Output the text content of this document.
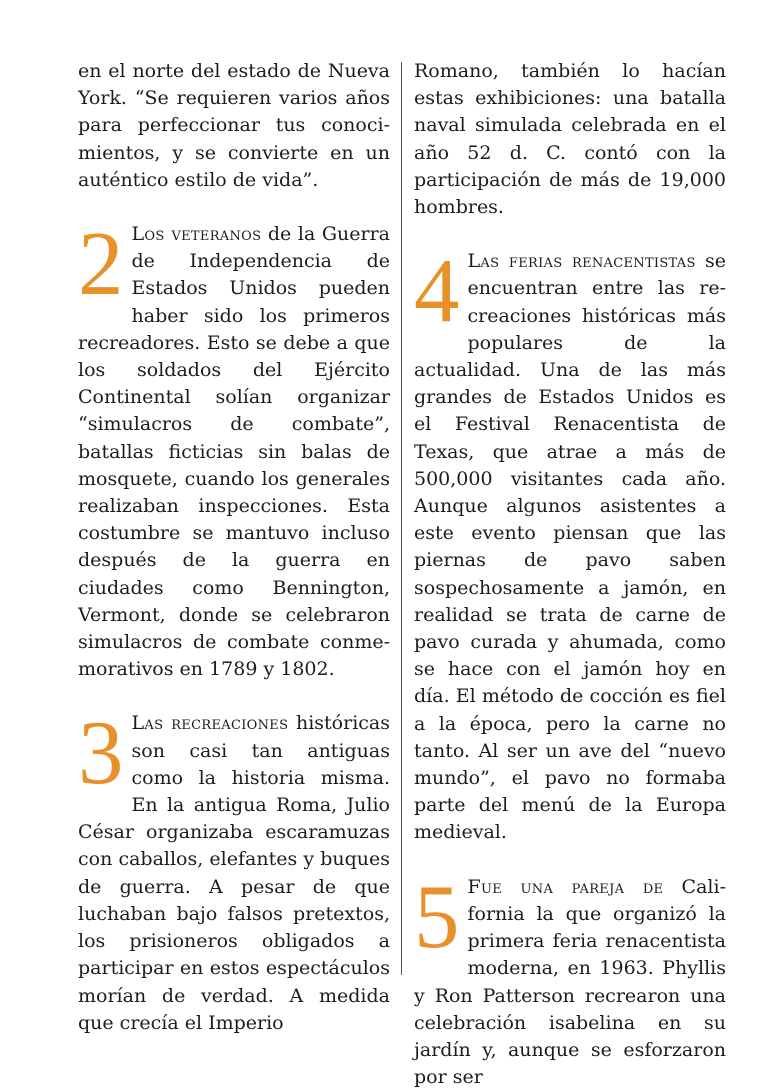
en el norte del estado de Nueva York. “Se requieren varios años para perfeccionar tus conocimientos, y se convierte en un auténtico estilo de vida”.

2 Los veteranos de la Guerra de Independencia de Estados Unidos pueden haber sido los primeros recreadores. Esto se debe a que los soldados del Ejército Continental solían organizar “simulacros de combate”, batallas ficticias sin balas de mosquete, cuando los generales realizaban inspecciones. Esta costumbre se mantuvo incluso después de la guerra en ciudades como Bennington, Vermont, donde se celebraron simulacros de combate conmemorativos en 1789 y 1802.

3 Las recreaciones históricas son casi tan antiguas como la historia misma. En la antigua Roma, Julio César organizaba escaramuzas con caballos, elefantes y buques de guerra. A pesar de que luchaban bajo falsos pretextos, los prisioneros obligados a participar en estos espectáculos morían de verdad. A medida que crecía el Imperio

Romano, también lo hacían estas exhibiciones: una batalla naval simulada celebrada en el año 52 d. C. contó con la participación de más de 19,000 hombres.

4 Las ferias renacentistas se encuentran entre las recreaciones históricas más populares de la actualidad. Una de las más grandes de Estados Unidos es el Festival Renacentista de Texas, que atrae a más de 500,000 visitantes cada año. Aunque algunos asistentes a este evento piensan que las piernas de pavo saben sospechosamente a jamón, en realidad se trata de carne de pavo curada y ahumada, como se hace con el jamón hoy en día. El método de cocción es fiel a la época, pero la carne no tanto. Al ser un ave del “nuevo mundo”, el pavo no formaba parte del menú de la Europa medieval.

5 Fue una pareja de California la que organizó la primera feria renacentista moderna, en 1963. Phyllis y Ron Patterson recrearon una celebración isabelina en su jardín y, aunque se esforzaron por ser
